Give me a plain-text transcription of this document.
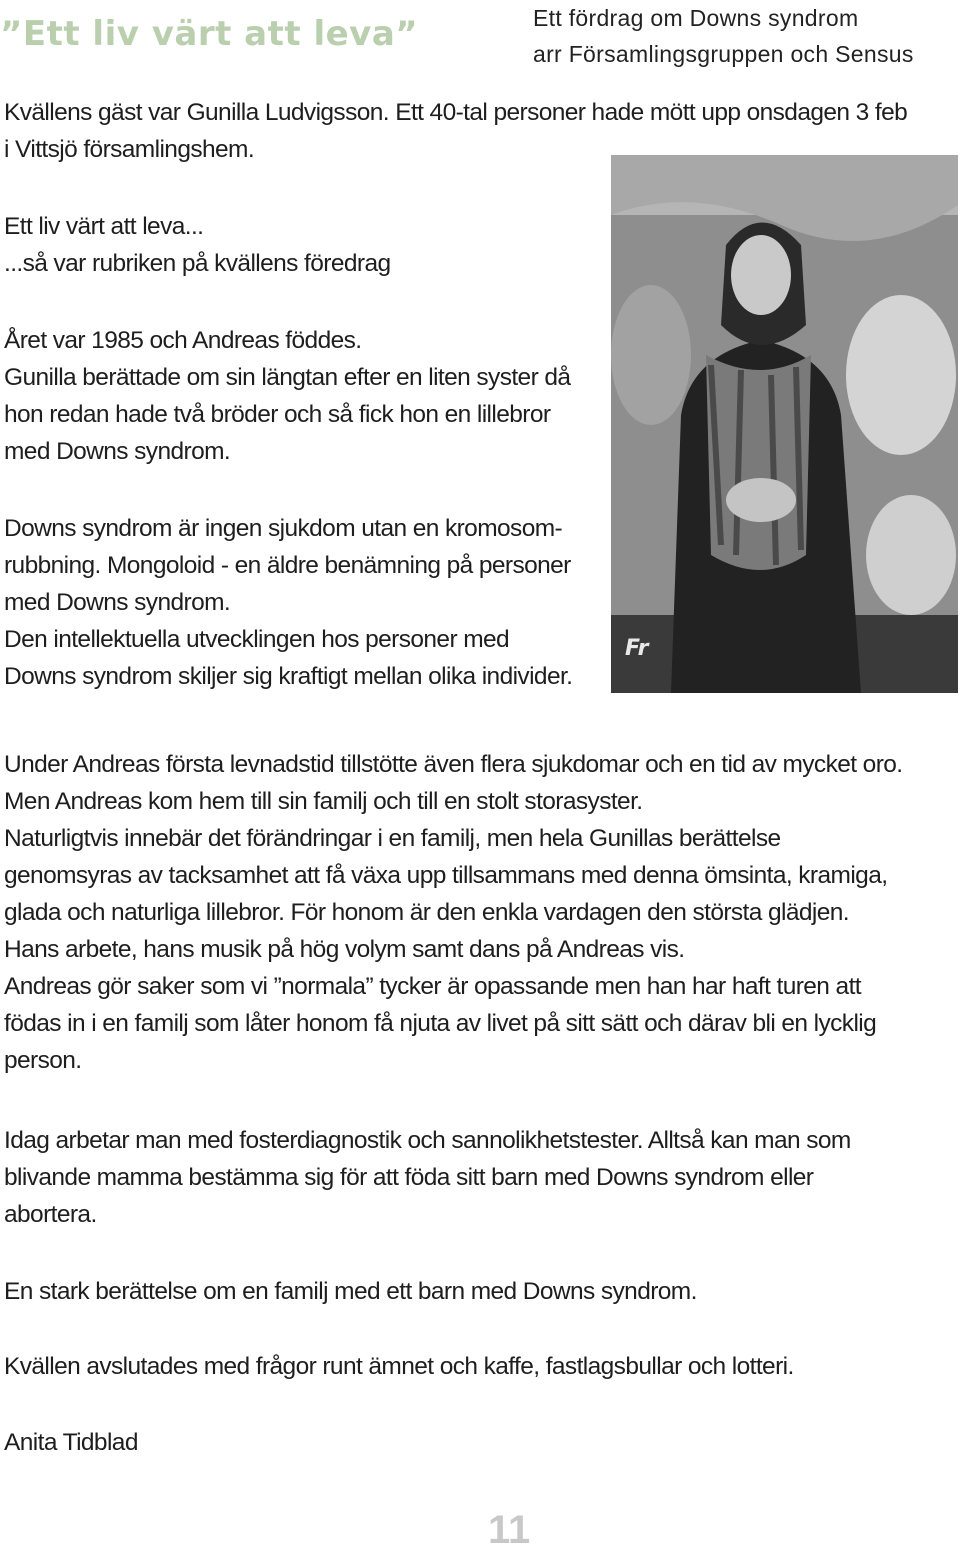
”Ett liv värt att leva”	Ett fördrag om Downs syndrom
arr Församlingsgruppen och Sensus
Kvällens gäst var Gunilla Ludvigsson. Ett 40-tal personer hade mött upp onsdagen 3 feb
i Vittsjö församlingshem.
Ett liv värt att leva...
...så var rubriken på kvällens föredrag
Året var 1985 och Andreas föddes.
Gunilla berättade om sin längtan efter en liten syster då
hon redan hade två bröder och så fick hon en lillebror
med Downs syndrom.
Downs syndrom är ingen sjukdom utan en kromosom-
rubbning. Mongoloid - en äldre benämning på personer
med Downs syndrom.
Den intellektuella utvecklingen hos personer med
Downs syndrom skiljer sig kraftigt mellan olika individer.
Fr
Under Andreas första levnadstid tillstötte även flera sjukdomar och en tid av mycket oro.
Men Andreas kom hem till sin familj och till en stolt storasyster.
Naturligtvis innebär det förändringar i en familj, men hela Gunillas berättelse
genomsyras av tacksamhet att få växa upp tillsammans med denna ömsinta, kramiga,
glada och naturliga lillebror. För honom är den enkla vardagen den största glädjen.
Hans arbete, hans musik på hög volym samt dans på Andreas vis.
Andreas gör saker som vi ”normala” tycker är opassande men han har haft turen att
födas in i en familj som låter honom få njuta av livet på sitt sätt och därav bli en lycklig
person.
Idag arbetar man med fosterdiagnostik och sannolikhetstester. Alltså kan man som
blivande mamma bestämma sig för att föda sitt barn med Downs syndrom eller
abortera.
En stark berättelse om en familj med ett barn med Downs syndrom.
Kvällen avslutades med frågor runt ämnet och kaffe, fastlagsbullar och lotteri.
Anita Tidblad
11
